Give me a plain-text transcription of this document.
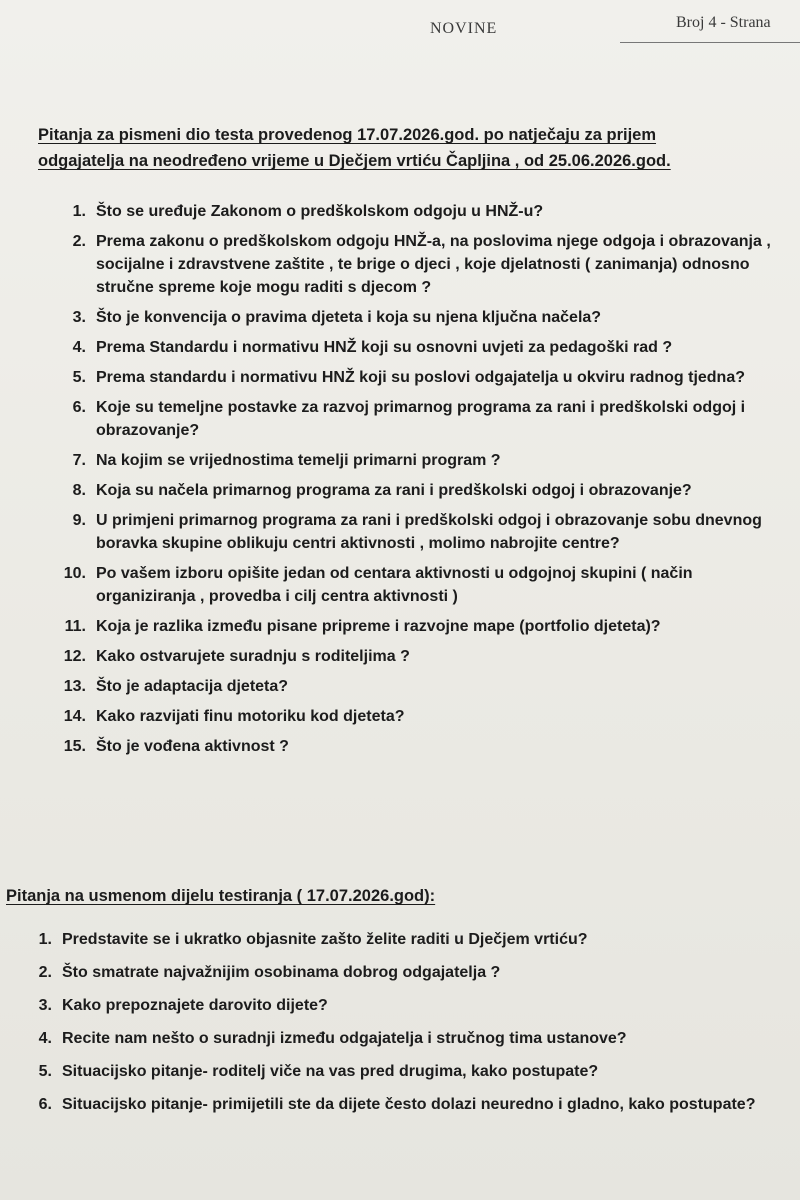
NOVINE	Broj 4 - Strana
Pitanja za pismeni dio testa provedenog 17.07.2026.god. po natječaju za prijem
odgajatelja na neodređeno vrijeme u Dječjem vrtiću Čapljina , od 25.06.2026.god.
1. Što se uređuje Zakonom o predškolskom odgoju u HNŽ-u?
2. Prema zakonu o predškolskom odgoju HNŽ-a, na poslovima njege odgoja i obrazovanja , socijalne i zdravstvene zaštite , te brige o djeci , koje djelatnosti ( zanimanja) odnosno stručne spreme koje mogu raditi s djecom ?
3. Što je konvencija o pravima djeteta i koja su njena ključna načela?
4. Prema Standardu i normativu HNŽ koji su osnovni uvjeti za pedagoški rad ?
5. Prema standardu i normativu HNŽ koji su poslovi odgajatelja u okviru radnog tjedna?
6. Koje su temeljne postavke za razvoj primarnog programa za rani i predškolski odgoj i obrazovanje?
7. Na kojim se vrijednostima temelji primarni program ?
8. Koja su načela primarnog programa za rani i predškolski odgoj i obrazovanje?
9. U primjeni primarnog programa za rani i predškolski odgoj i obrazovanje sobu dnevnog boravka skupine oblikuju centri aktivnosti , molimo nabrojite centre?
10. Po vašem izboru opišite jedan od centara aktivnosti u odgojnoj skupini ( način organiziranja , provedba i cilj centra aktivnosti )
11. Koja je razlika između pisane pripreme i razvojne mape (portfolio djeteta)?
12. Kako ostvarujete suradnju s roditeljima ?
13. Što je adaptacija djeteta?
14. Kako razvijati finu motoriku kod djeteta?
15. Što je vođena aktivnost ?
Pitanja na usmenom dijelu testiranja ( 17.07.2026.god):
1. Predstavite se i ukratko objasnite zašto želite raditi u Dječjem vrtiću?
2. Što smatrate najvažnijim osobinama dobrog odgajatelja ?
3. Kako prepoznajete darovito dijete?
4. Recite nam nešto o suradnji između odgajatelja i stručnog tima ustanove?
5. Situacijsko pitanje- roditelj viče na vas pred drugima, kako postupate?
6. Situacijsko pitanje- primijetili ste da dijete često dolazi neuredno i gladno, kako postupate?
